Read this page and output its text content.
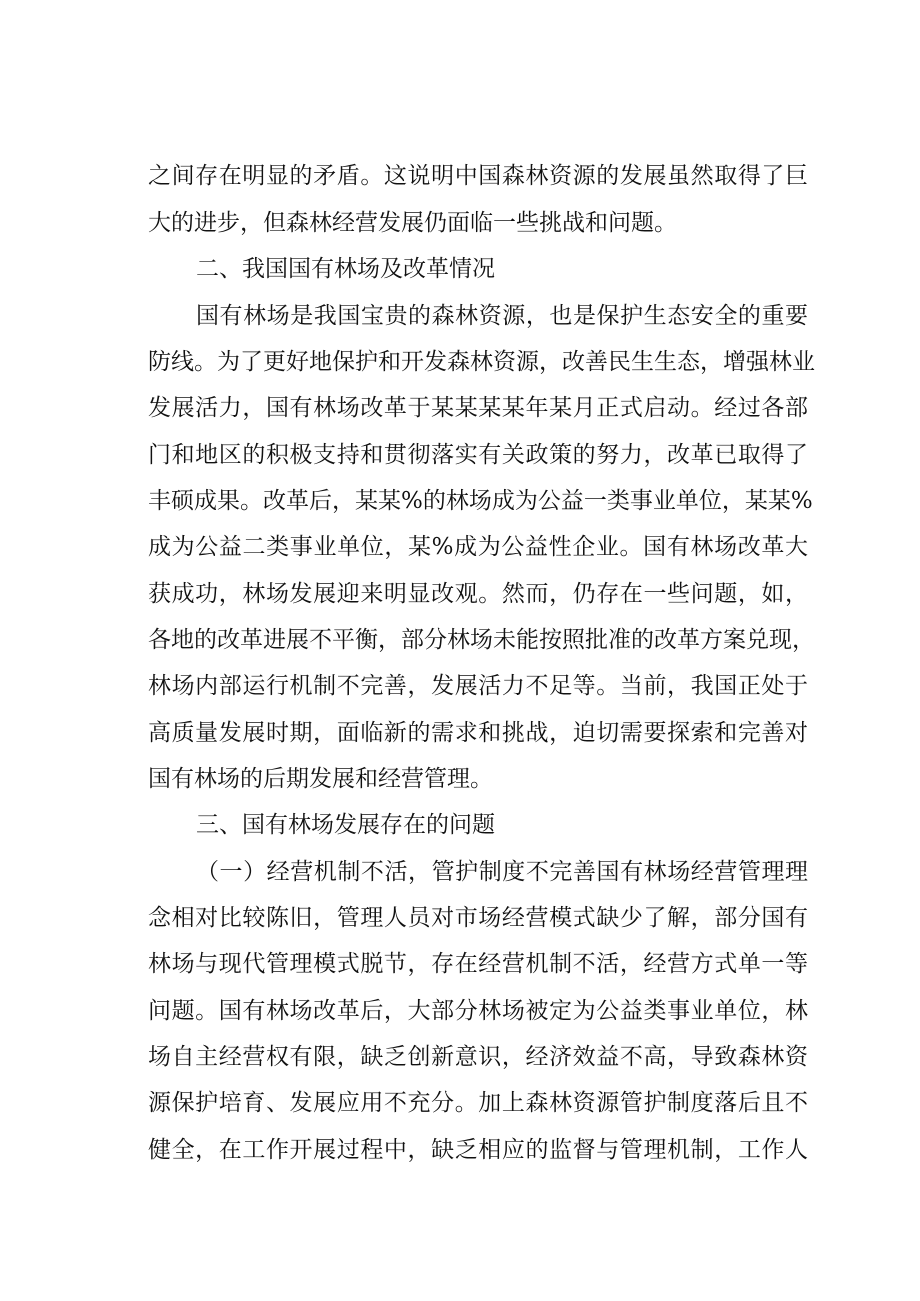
之间存在明显的矛盾。这说明中国森林资源的发展虽然取得了巨
大的进步，但森林经营发展仍面临一些挑战和问题。
二、我国国有林场及改革情况
国有林场是我国宝贵的森林资源，也是保护生态安全的重要
防线。为了更好地保护和开发森林资源，改善民生生态，增强林业
发展活力，国有林场改革于某某某某年某月正式启动。经过各部
门和地区的积极支持和贯彻落实有关政策的努力，改革已取得了
丰硕成果。改革后，某某%的林场成为公益一类事业单位，某某%
成为公益二类事业单位，某%成为公益性企业。国有林场改革大
获成功，林场发展迎来明显改观。然而，仍存在一些问题，如，
各地的改革进展不平衡，部分林场未能按照批准的改革方案兑现，
林场内部运行机制不完善，发展活力不足等。当前，我国正处于
高质量发展时期，面临新的需求和挑战，迫切需要探索和完善对
国有林场的后期发展和经营管理。
三、国有林场发展存在的问题
（一）经营机制不活，管护制度不完善国有林场经营管理理
念相对比较陈旧，管理人员对市场经营模式缺少了解，部分国有
林场与现代管理模式脱节，存在经营机制不活，经营方式单一等
问题。国有林场改革后，大部分林场被定为公益类事业单位，林
场自主经营权有限，缺乏创新意识，经济效益不高，导致森林资
源保护培育、发展应用不充分。加上森林资源管护制度落后且不
健全，在工作开展过程中，缺乏相应的监督与管理机制，工作人
